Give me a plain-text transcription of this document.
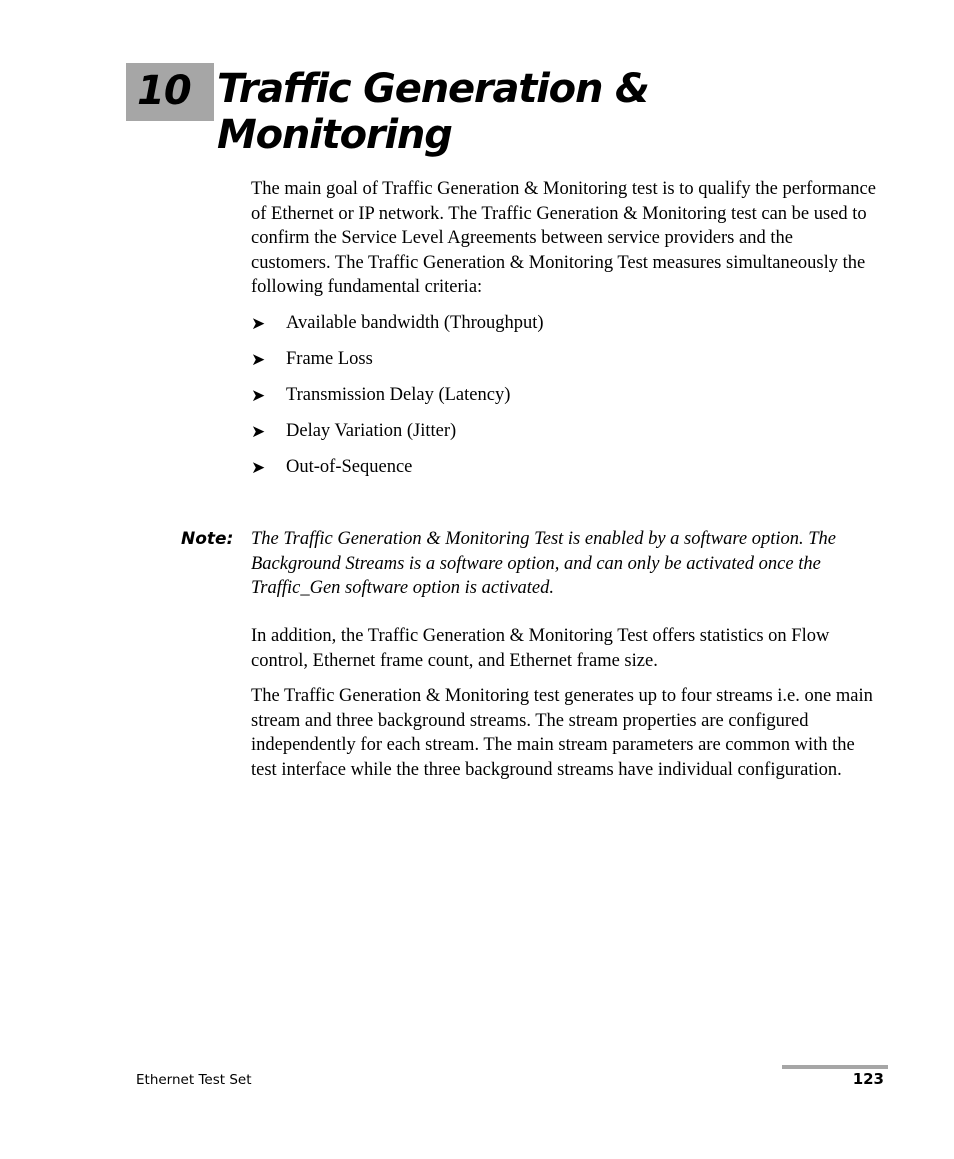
10 Traffic Generation &
Monitoring

The main goal of Traffic Generation & Monitoring test is to qualify the performance of Ethernet or IP network. The Traffic Generation & Monitoring test can be used to confirm the Service Level Agreements between service providers and the customers. The Traffic Generation & Monitoring Test measures simultaneously the following fundamental criteria:

➤ Available bandwidth (Throughput)
➤ Frame Loss
➤ Transmission Delay (Latency)
➤ Delay Variation (Jitter)
➤ Out-of-Sequence
Note: The Traffic Generation & Monitoring Test is enabled by a software option. The Background Streams is a software option, and can only be activated once the Traffic_Gen software option is activated.

In addition, the Traffic Generation & Monitoring Test offers statistics on Flow control, Ethernet frame count, and Ethernet frame size.

The Traffic Generation & Monitoring test generates up to four streams i.e. one main stream and three background streams. The stream properties are configured independently for each stream. The main stream parameters are common with the test interface while the three background streams have individual configuration.

Ethernet Test Set	123
